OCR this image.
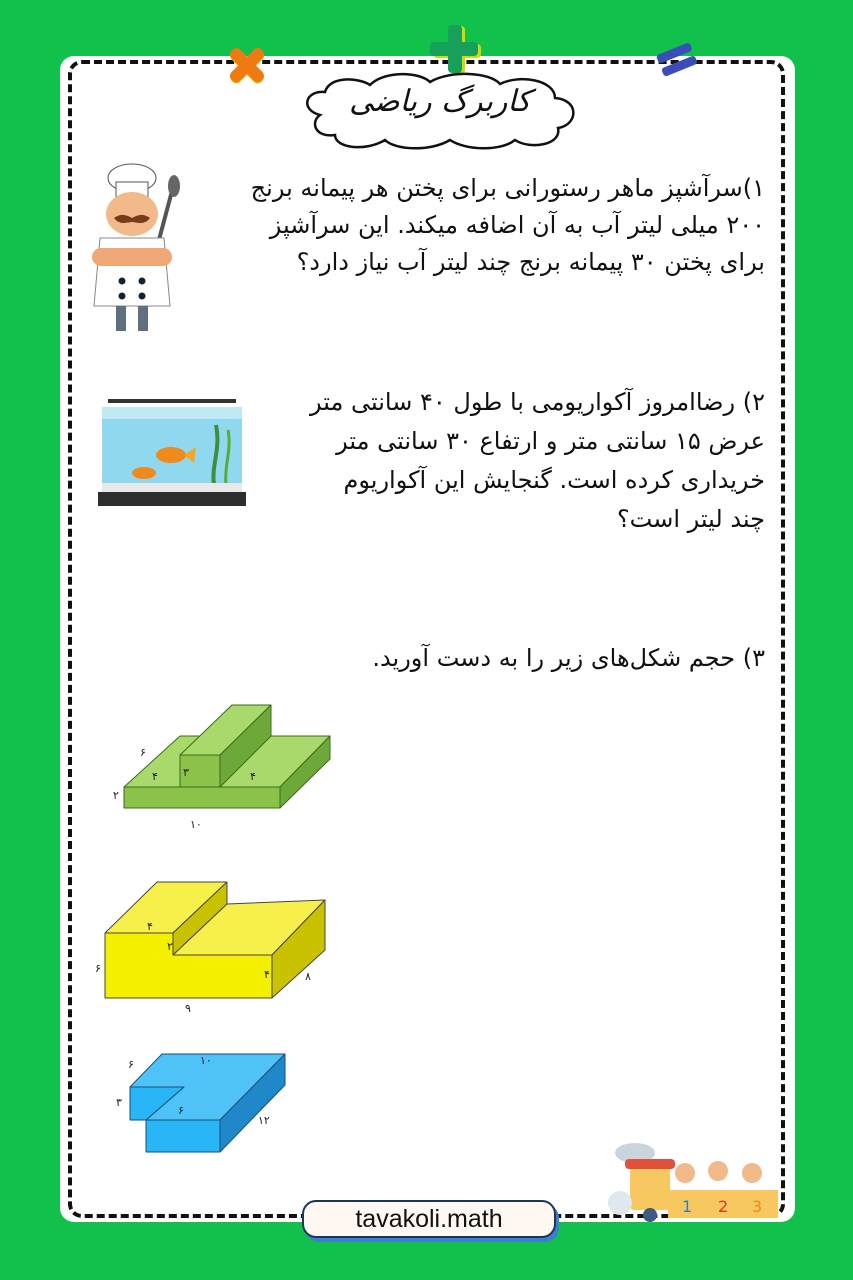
کاربرگ ریاضی
۱)سرآشپز ماهر رستورانی برای پختن هر پیمانه برنج
۲۰۰ میلی لیتر آب به آن اضافه میکند. این سرآشپز
برای پختن ۳۰ پیمانه برنج چند لیتر آب نیاز دارد؟
۲) رضاامروز آکواریومی با طول ۴۰ سانتی متر
عرض ۱۵ سانتی متر و ارتفاع ۳۰ سانتی متر
خریداری کرده است. گنجایش این آکواریوم
چند لیتر است؟
۳) حجم شکل‌های زیر را به دست آورید.
۶
۴ ۳	۴
۲
۱۰
۴
۲
۶	۴	۸
۹
۶	۱۰
۳
۶
۱۲
1 2 3
tavakoli.math
